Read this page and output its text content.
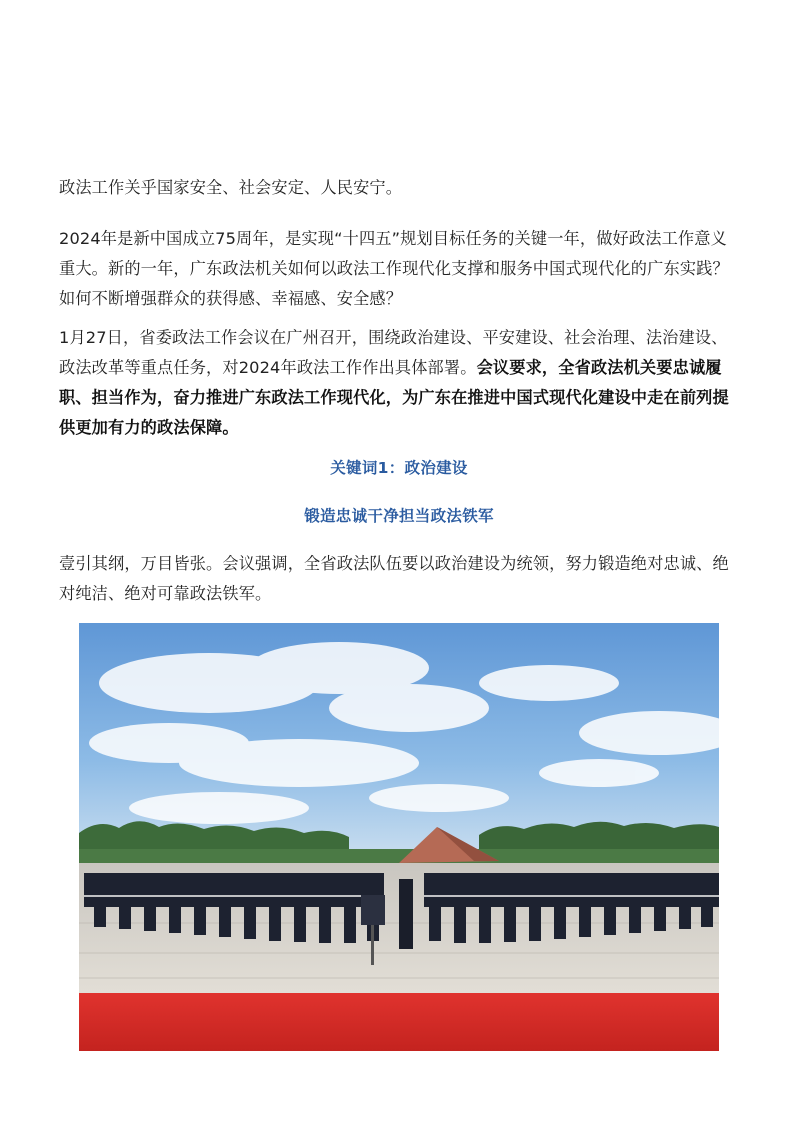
政法工作关乎国家安全、社会安定、人民安宁。

2024年是新中国成立75周年，是实现“十四五”规划目标任务的关键一年，做好政法工作意义重大。新的一年，广东政法机关如何以政法工作现代化支撑和服务中国式现代化的广东实践？如何不断增强群众的获得感、幸福感、安全感？

1月27日，省委政法工作会议在广州召开，围绕政治建设、平安建设、社会治理、法治建设、政法改革等重点任务，对2024年政法工作作出具体部署。会议要求，全省政法机关要忠诚履职、担当作为，奋力推进广东政法工作现代化，为广东在推进中国式现代化建设中走在前列提供更加有力的政法保障。

关键词1：政治建设

锻造忠诚干净担当政法铁军

壹引其纲，万目皆张。会议强调，全省政法队伍要以政治建设为统领，努力锻造绝对忠诚、绝对纯洁、绝对可靠政法铁军。
